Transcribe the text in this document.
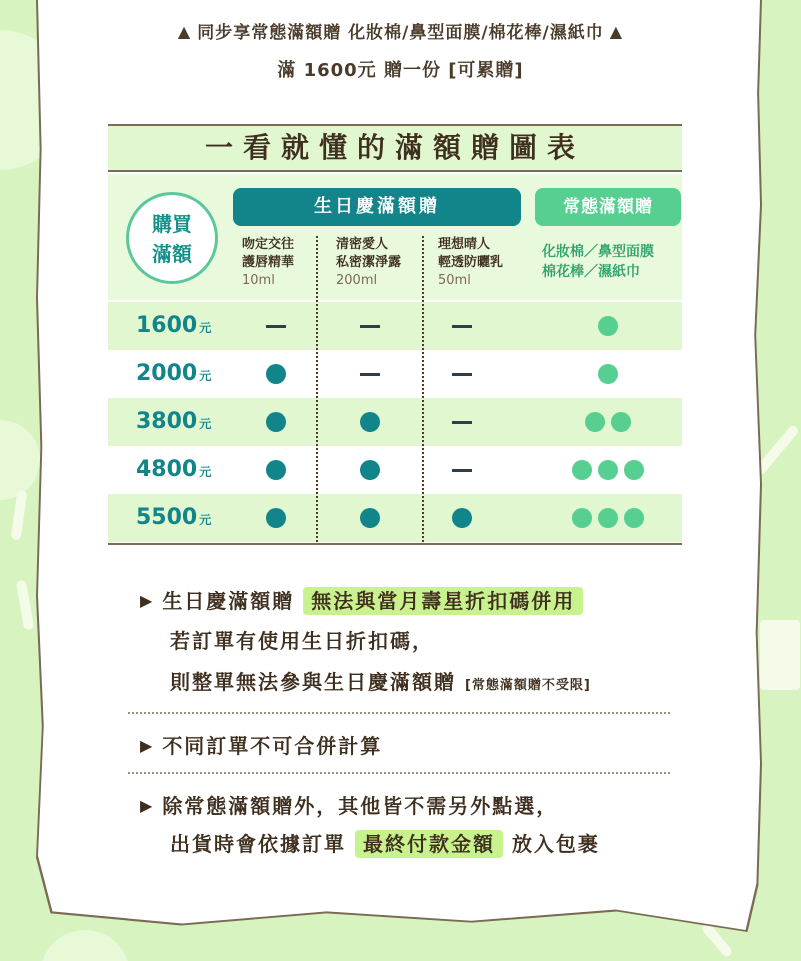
▲ 同步享常態滿額贈 化妝棉∕鼻型面膜∕棉花棒∕濕紙巾 ▲
滿 1600元 贈一份 [可累贈]
一看就懂的滿額贈圖表
購買
滿額
生日慶滿額贈	常態滿額贈
吻定交往
護唇精華
10ml
清密愛人
私密潔淨露
200ml
理想晴人
輕透防曬乳
50ml
化妝棉／鼻型面膜
棉花棒／濕紙巾
1600 元
2000 元
3800 元
4800 元
5500 元
▶ 生日慶滿額贈 無法與當月壽星折扣碼併用
若訂單有使用生日折扣碼，
則整單無法參與生日慶滿額贈 [常態滿額贈不受限]
▶ 不同訂單不可合併計算
▶ 除常態滿額贈外，其他皆不需另外點選，
出貨時會依據訂單 最終付款金額 放入包裹
